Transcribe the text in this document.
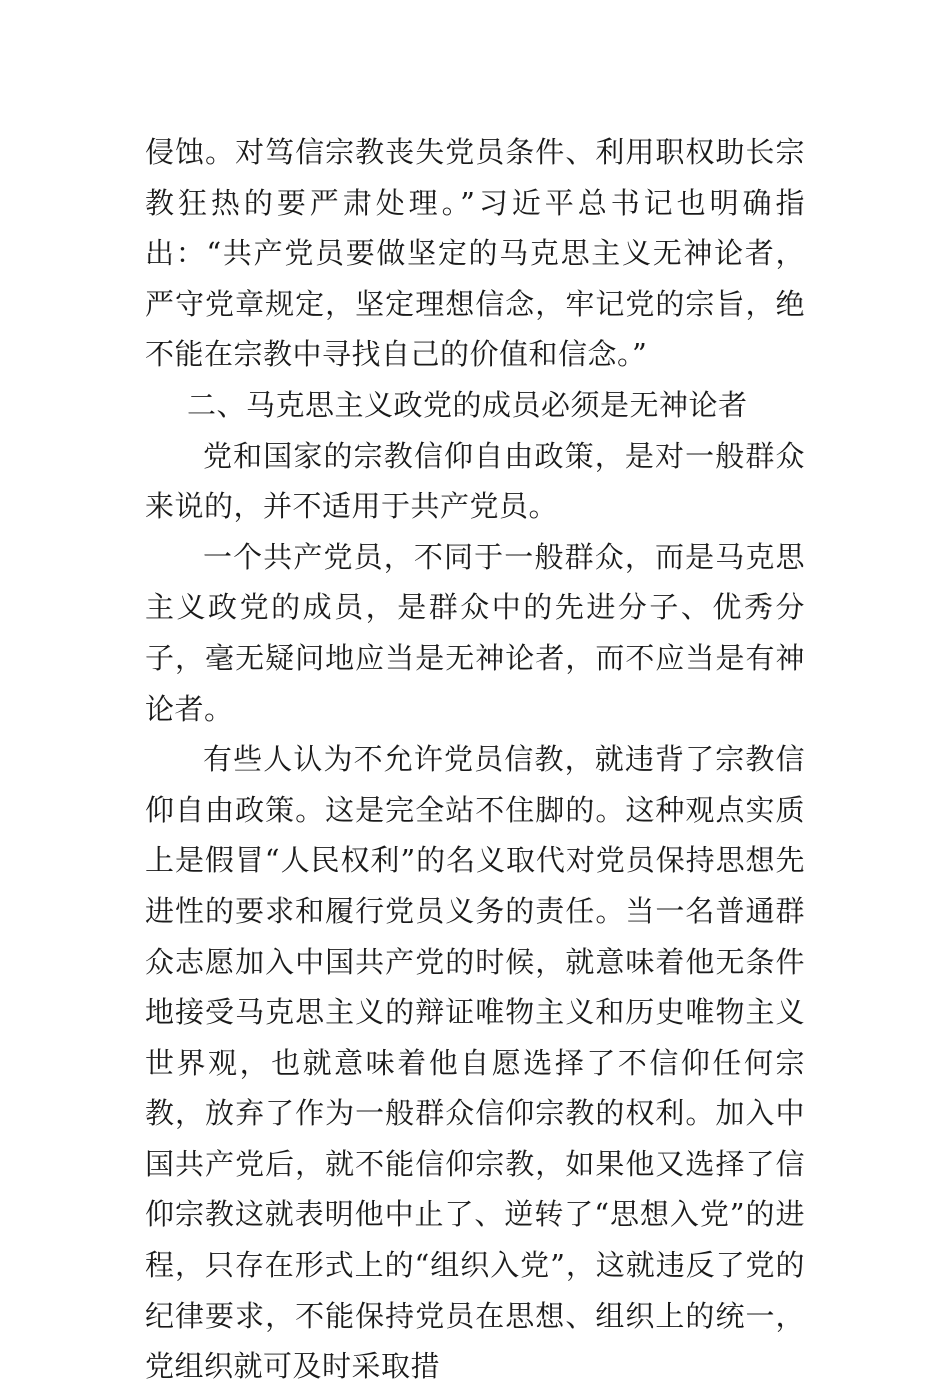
侵蚀。对笃信宗教丧失党员条件、利用职权助长宗教狂热的要严肃处理。”习近平总书记也明确指出：“共产党员要做坚定的马克思主义无神论者，严守党章规定，坚定理想信念，牢记党的宗旨，绝不能在宗教中寻找自己的价值和信念。”

二、马克思主义政党的成员必须是无神论者

党和国家的宗教信仰自由政策，是对一般群众来说的，并不适用于共产党员。

一个共产党员，不同于一般群众，而是马克思主义政党的成员，是群众中的先进分子、优秀分子，毫无疑问地应当是无神论者，而不应当是有神论者。

有些人认为不允许党员信教，就违背了宗教信仰自由政策。这是完全站不住脚的。这种观点实质上是假冒“人民权利”的名义取代对党员保持思想先进性的要求和履行党员义务的责任。当一名普通群众志愿加入中国共产党的时候，就意味着他无条件地接受马克思主义的辩证唯物主义和历史唯物主义世界观，也就意味着他自愿选择了不信仰任何宗教，放弃了作为一般群众信仰宗教的权利。加入中国共产党后，就不能信仰宗教，如果他又选择了信仰宗教这就表明他中止了、逆转了“思想入党”的进程，只存在形式上的“组织入党”，这就违反了党的纪律要求，不能保持党员在思想、组织上的统一，党组织就可及时采取措
